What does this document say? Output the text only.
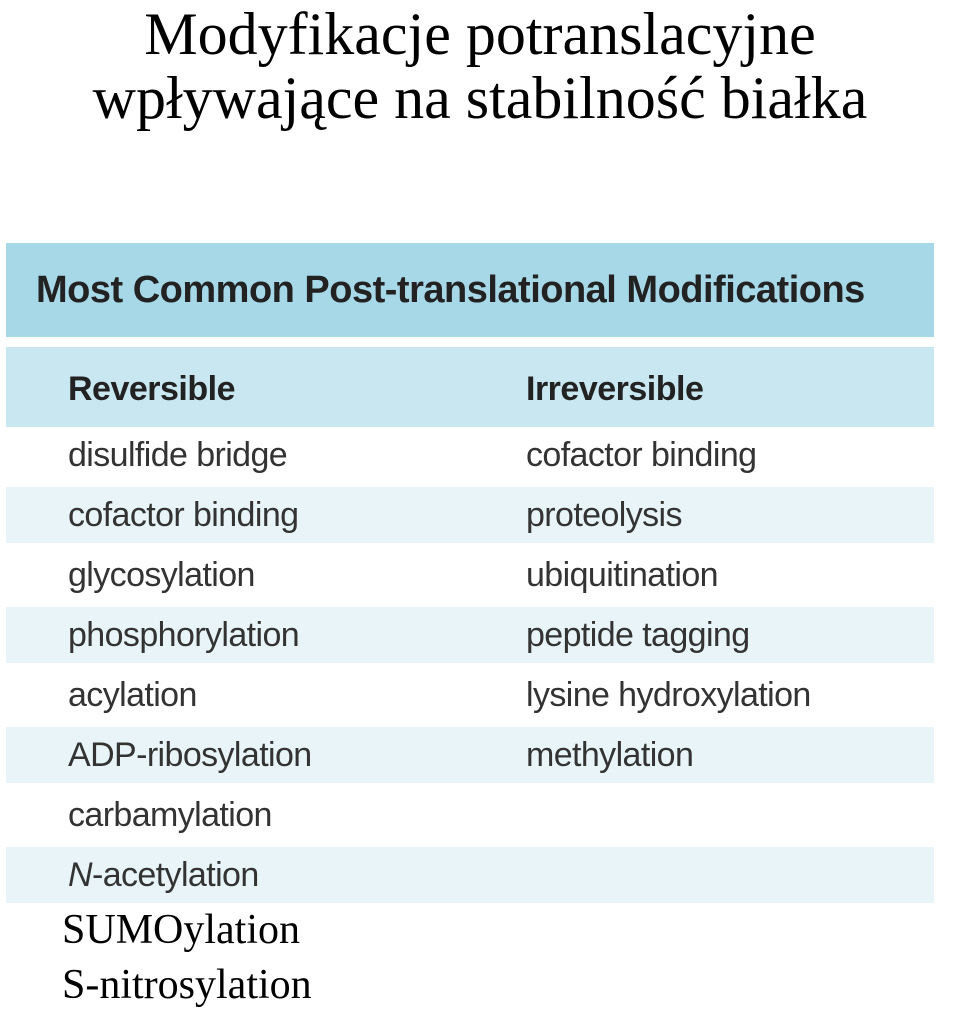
Modyfikacje potranslacyjne
wpływające na stabilność białka
Most Common Post-translational Modifications
Reversible	Irreversible
disulfide bridge	cofactor binding
cofactor binding	proteolysis
glycosylation	ubiquitination
phosphorylation	peptide tagging
acylation	lysine hydroxylation
ADP-ribosylation	methylation
carbamylation
N-acetylation
SUMOylation
S-nitrosylation
